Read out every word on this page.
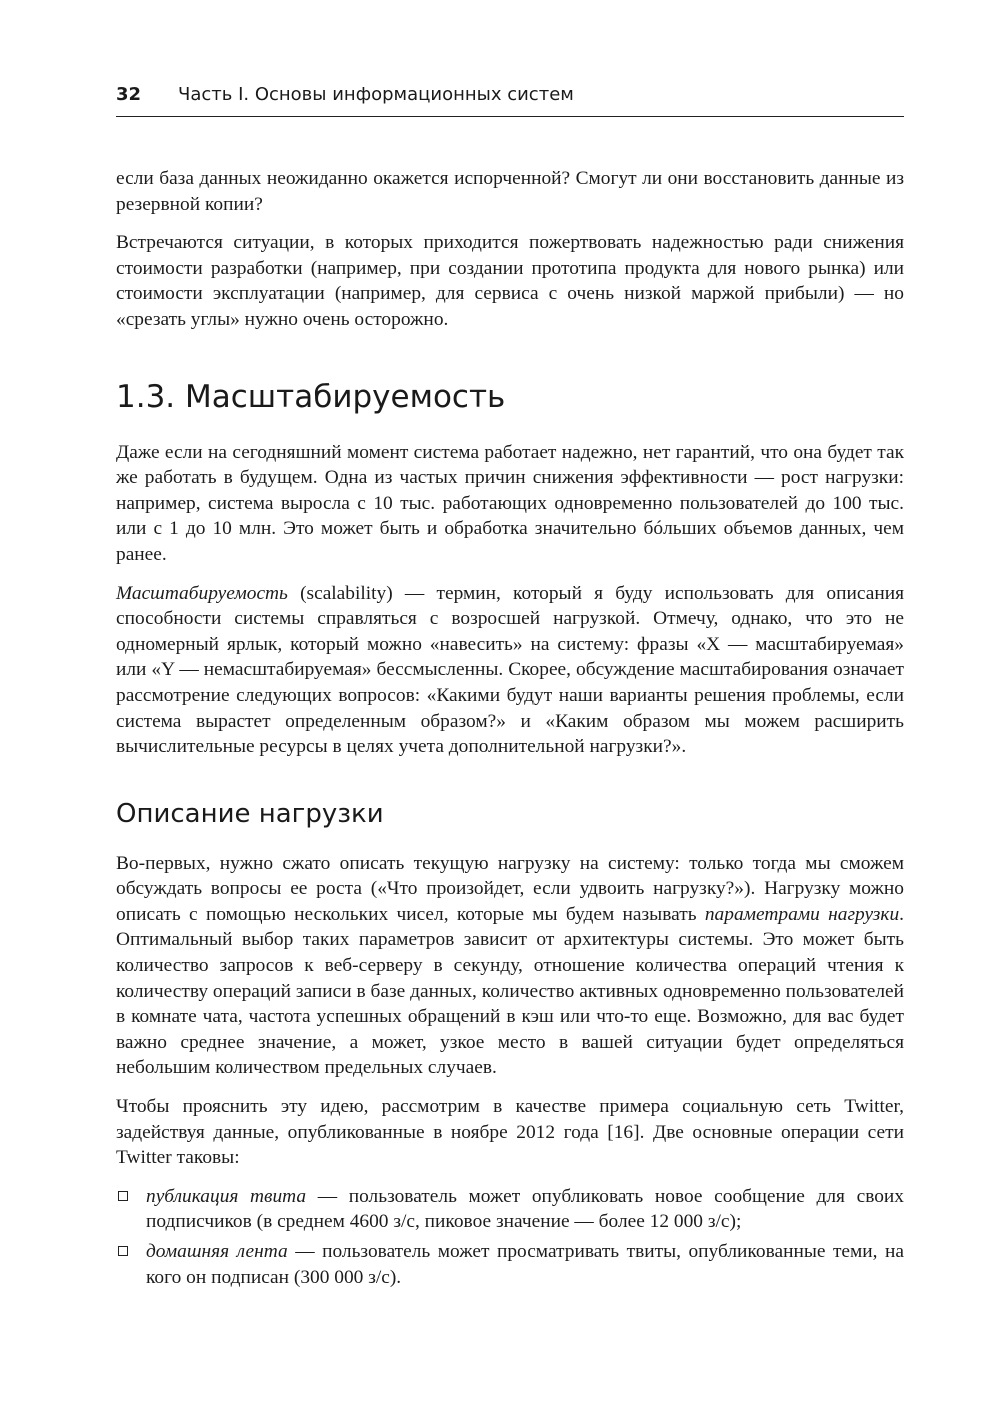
32	Часть I. Основы информационных систем

если база данных неожиданно окажется испорченной? Смогут ли они восстановить данные из резервной копии?

Встречаются ситуации, в которых приходится пожертвовать надежностью ради снижения стоимости разработки (например, при создании прототипа продукта для нового рынка) или стоимости эксплуатации (например, для сервиса с очень низкой маржой прибыли) — но «срезать углы» нужно очень осторожно.

1.3. Масштабируемость

Даже если на сегодняшний момент система работает надежно, нет гарантий, что она будет так же работать в будущем. Одна из частых причин снижения эффективности — рост нагрузки: например, система выросла с 10 тыс. работающих одновременно пользователей до 100 тыс. или с 1 до 10 млн. Это может быть и обработка значительно бóльших объемов данных, чем ранее.

Масштабируемость (scalability) — термин, который я буду использовать для описания способности системы справляться с возросшей нагрузкой. Отмечу, однако, что это не одномерный ярлык, который можно «навесить» на систему: фразы «X — масштабируемая» или «Y — немасштабируемая» бессмысленны. Скорее, обсуждение масштабирования означает рассмотрение следующих вопросов: «Какими будут наши варианты решения проблемы, если система вырастет определенным образом?» и «Каким образом мы можем расширить вычислительные ресурсы в целях учета дополнительной нагрузки?».

Описание нагрузки

Во-первых, нужно сжато описать текущую нагрузку на систему: только тогда мы сможем обсуждать вопросы ее роста («Что произойдет, если удвоить нагрузку?»). Нагрузку можно описать с помощью нескольких чисел, которые мы будем называть параметрами нагрузки. Оптимальный выбор таких параметров зависит от архитектуры системы. Это может быть количество запросов к веб-серверу в секунду, отношение количества операций чтения к количеству операций записи в базе данных, количество активных одновременно пользователей в комнате чата, частота успешных обращений в кэш или что-то еще. Возможно, для вас будет важно среднее значение, а может, узкое место в вашей ситуации будет определяться небольшим количеством предельных случаев.

Чтобы прояснить эту идею, рассмотрим в качестве примера социальную сеть Twitter, задействуя данные, опубликованные в ноябре 2012 года [16]. Две основные операции сети Twitter таковы:

публикация твита — пользователь может опубликовать новое сообщение для своих подписчиков (в среднем 4600 з/с, пиковое значение — более 12 000 з/с);
домашняя лента — пользователь может просматривать твиты, опубликованные теми, на кого он подписан (300 000 з/с).
